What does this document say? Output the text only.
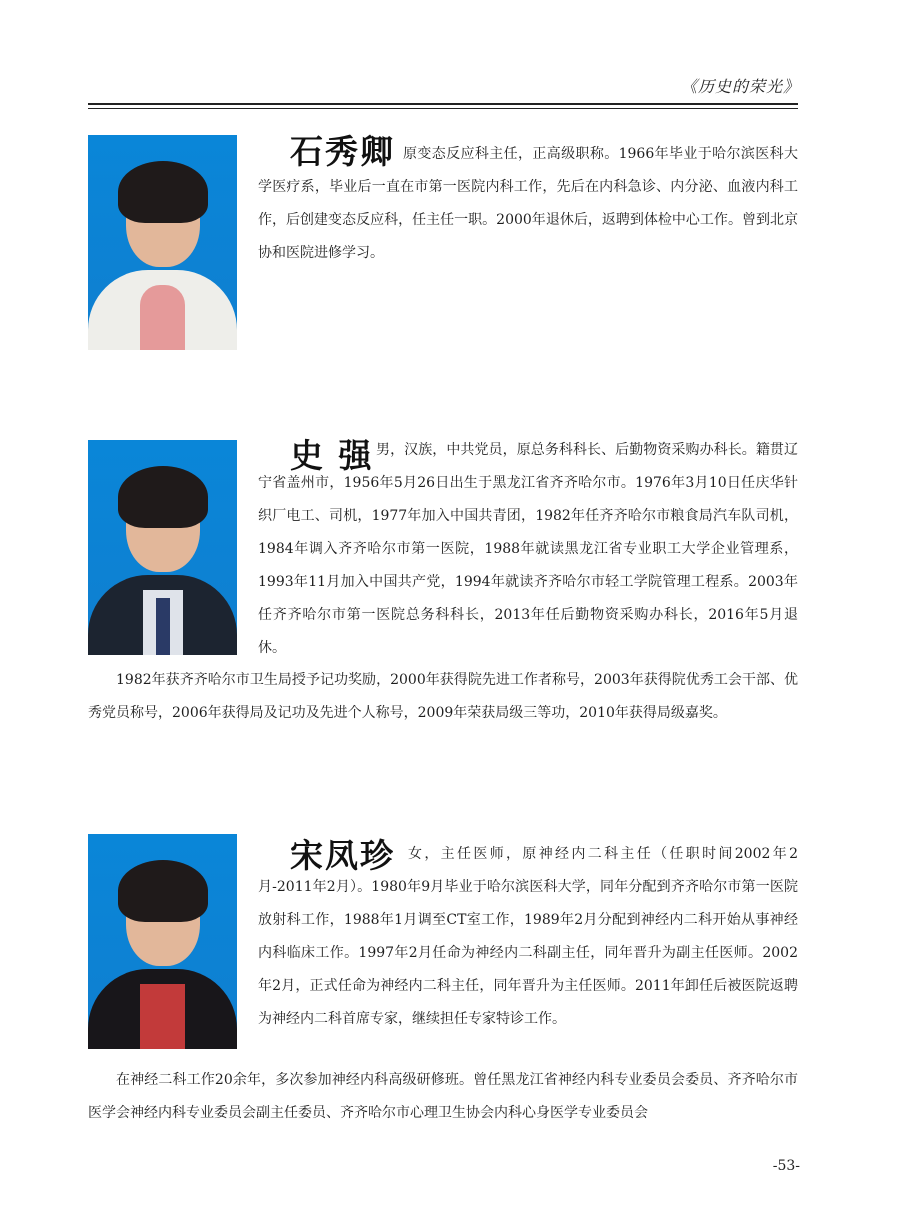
《历史的荣光》
石秀卿 原变态反应科主任，正高级职称。1966年毕业于哈尔滨医科大学医疗系，毕业后一直在市第一医院内科工作，先后在内科急诊、内分泌、血液内科工作，后创建变态反应科，任主任一职。2000年退休后，返聘到体检中心工作。曾到北京协和医院进修学习。

史 强 男，汉族，中共党员，原总务科科长、后勤物资采购办科长。籍贯辽宁省盖州市，1956年5月26日出生于黑龙江省齐齐哈尔市。1976年3月10日任庆华针织厂电工、司机，1977年加入中国共青团，1982年任齐齐哈尔市粮食局汽车队司机，1984年调入齐齐哈尔市第一医院，1988年就读黑龙江省专业职工大学企业管理系，1993年11月加入中国共产党，1994年就读齐齐哈尔市轻工学院管理工程系。2003年任齐齐哈尔市第一医院总务科科长，2013年任后勤物资采购办科长，2016年5月退休。

1982年获齐齐哈尔市卫生局授予记功奖励，2000年获得院先进工作者称号，2003年获得院优秀工会干部、优秀党员称号，2006年获得局及记功及先进个人称号，2009年荣获局级三等功，2010年获得局级嘉奖。

宋凤珍 女，主任医师，原神经内二科主任（任职时间2002年2月-2011年2月）。1980年9月毕业于哈尔滨医科大学，同年分配到齐齐哈尔市第一医院放射科工作，1988年1月调至CT室工作，1989年2月分配到神经内二科开始从事神经内科临床工作。1997年2月任命为神经内二科副主任，同年晋升为副主任医师。2002年2月，正式任命为神经内二科主任，同年晋升为主任医师。2011年卸任后被医院返聘为神经内二科首席专家，继续担任专家特诊工作。

在神经二科工作20余年，多次参加神经内科高级研修班。曾任黑龙江省神经内科专业委员会委员、齐齐哈尔市医学会神经内科专业委员会副主任委员、齐齐哈尔市心理卫生协会内科心身医学专业委员会

-53-
